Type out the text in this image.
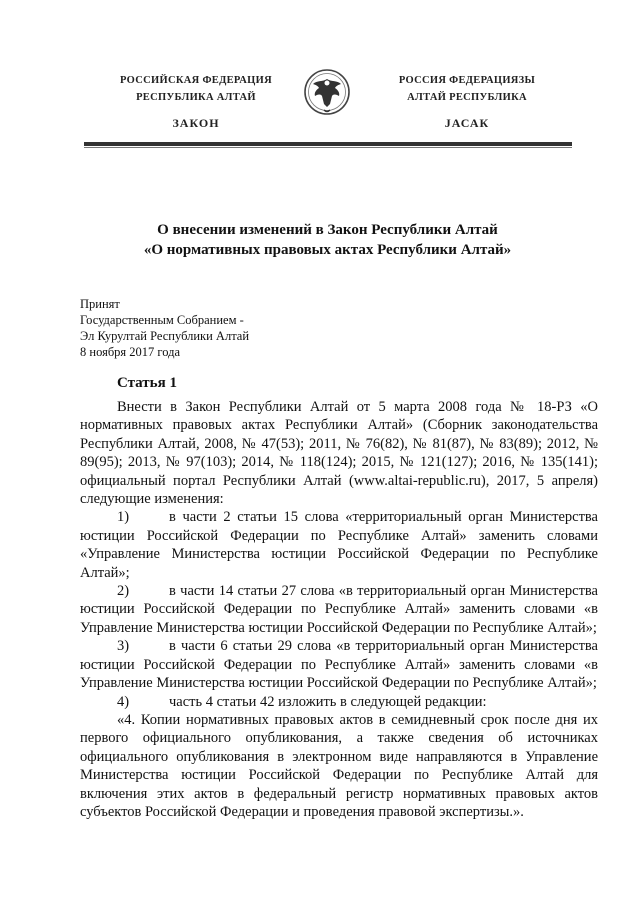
РОССИЙСКАЯ ФЕДЕРАЦИЯ
РЕСПУБЛИКА АЛТАЙ
ЗАКОН
РОССИЯ ФЕДЕРАЦИЯЗЫ
АЛТАЙ РЕСПУБЛИКА
ЈАСАК
О внесении изменений в Закон Республики Алтай
«О нормативных правовых актах Республики Алтай»
Принят
Государственным Собранием -
Эл Курултай Республики Алтай
8 ноября 2017 года
Статья 1

Внести в Закон Республики Алтай от 5 марта 2008 года № 18-РЗ «О нормативных правовых актах Республики Алтай» (Сборник законодательства Республики Алтай, 2008, № 47(53); 2011, № 76(82), № 81(87), № 83(89); 2012, № 89(95); 2013, № 97(103); 2014, № 118(124); 2015, № 121(127); 2016, № 135(141); официальный портал Республики Алтай (www.altai-republic.ru), 2017, 5 апреля) следующие изменения:

1)	в части 2 статьи 15 слова «территориальный орган Министерства юстиции Российской Федерации по Республике Алтай» заменить словами «Управление Министерства юстиции Российской Федерации по Республике Алтай»;

2)	в части 14 статьи 27 слова «в территориальный орган Министерства юстиции Российской Федерации по Республике Алтай» заменить словами «в Управление Министерства юстиции Российской Федерации по Республике Алтай»;

3)	в части 6 статьи 29 слова «в территориальный орган Министерства юстиции Российской Федерации по Республике Алтай» заменить словами «в Управление Министерства юстиции Российской Федерации по Республике Алтай»;

4)	часть 4 статьи 42 изложить в следующей редакции:

«4. Копии нормативных правовых актов в семидневный срок после дня их первого официального опубликования, а также сведения об источниках официального опубликования в электронном виде направляются в Управление Министерства юстиции Российской Федерации по Республике Алтай для включения этих актов в федеральный регистр нормативных правовых актов субъектов Российской Федерации и проведения правовой экспертизы.».
